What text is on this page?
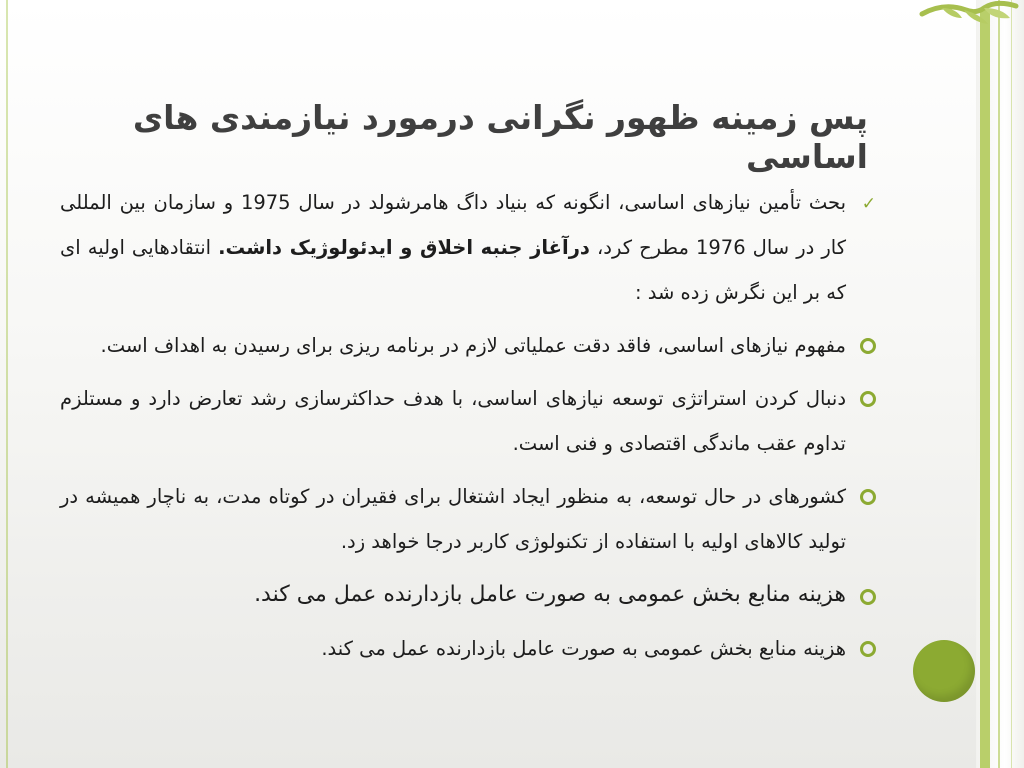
پس زمینه ظهور نگرانی درمورد نیازمندی های اساسی
✓
بحث تأمین نیازهای اساسی، انگونه که بنیاد داگ هامرشولد در سال 1975 و سازمان بین المللی کار در سال 1976 مطرح کرد، درآغاز جنبه اخلاق و ایدئولوژیک داشت. انتقادهایی اولیه ای که بر این نگرش زده شد :
مفهوم نیازهای اساسی، فاقد دقت عملیاتی لازم در برنامه ریزی برای رسیدن به اهداف است.
دنبال کردن استراتژی توسعه نیازهای اساسی، با هدف حداکثرسازی رشد تعارض دارد و مستلزم تداوم عقب ماندگی اقتصادی و فنی است.
کشورهای در حال توسعه، به منظور ایجاد اشتغال برای فقیران در کوتاه مدت، به ناچار همیشه در تولید کالاهای اولیه با استفاده از تکنولوژی کاربر درجا خواهد زد.
هزینه منابع بخش عمومی به صورت عامل بازدارنده عمل می کند.
هزینه منابع بخش عمومی به صورت عامل بازدارنده عمل می کند.
